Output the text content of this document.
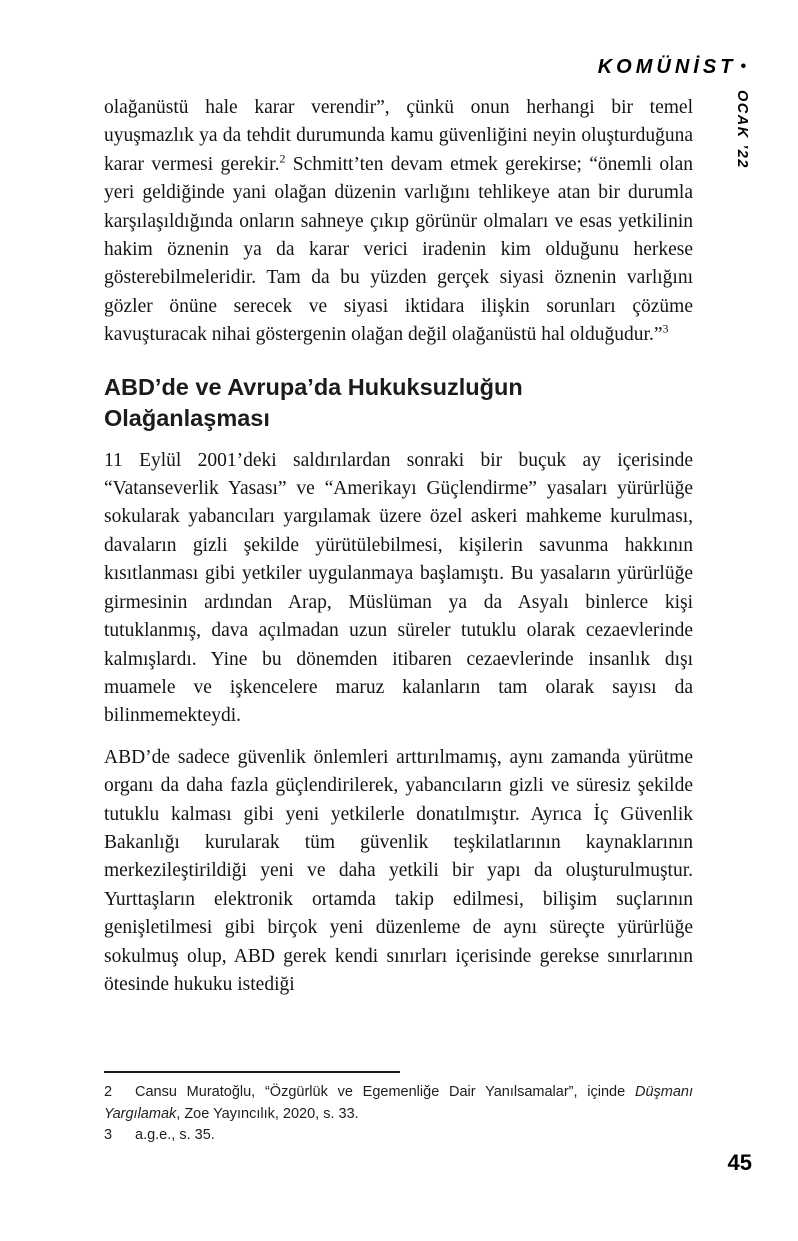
KOMÜNİST •
OCAK ’22

olağanüstü hale karar verendir”, çünkü onun herhangi bir temel uyuşmazlık ya da tehdit durumunda kamu güvenliğini neyin oluşturduğuna karar vermesi gerekir.$^2$ Schmitt’ten devam etmek gerekirse; “önemli olan yeri geldiğinde yani olağan düzenin varlığını tehlikeye atan bir durumla karşılaşıldığında onların sahneye çıkıp görünür olmaları ve esas yetkilinin hakim öznenin ya da karar verici iradenin kim olduğunu herkese gösterebilmeleridir. Tam da bu yüzden gerçek siyasi öznenin varlığını gözler önüne serecek ve siyasi iktidara ilişkin sorunları çözüme kavuşturacak nihai göstergenin olağan değil olağanüstü hal olduğudur.”$^3$

ABD’de ve Avrupa’da Hukuksuzluğun
Olağanlaşması

11 Eylül 2001’deki saldırılardan sonraki bir buçuk ay içerisinde “Vatanseverlik Yasası” ve “Amerikayı Güçlendirme” yasaları yürürlüğe sokularak yabancıları yargılamak üzere özel askeri mahkeme kurulması, davaların gizli şekilde yürütülebilmesi, kişilerin savunma hakkının kısıtlanması gibi yetkiler uygulanmaya başlamıştı. Bu yasaların yürürlüğe girmesinin ardından Arap, Müslüman ya da Asyalı binlerce kişi tutuklanmış, dava açılmadan uzun süreler tutuklu olarak cezaevlerinde kalmışlardı. Yine bu dönemden itibaren cezaevlerinde insanlık dışı muamele ve işkencelere maruz kalanların tam olarak sayısı da bilinmemekteydi.

ABD’de sadece güvenlik önlemleri arttırılmamış, aynı zamanda yürütme organı da daha fazla güçlendirilerek, yabancıların gizli ve süresiz şekilde tutuklu kalması gibi yeni yetkilerle donatılmıştır. Ayrıca İç Güvenlik Bakanlığı kurularak tüm güvenlik teşkilatlarının kaynaklarının merkezileştirildiği yeni ve daha yetkili bir yapı da oluşturulmuştur. Yurttaşların elektronik ortamda takip edilmesi, bilişim suçlarının genişletilmesi gibi birçok yeni düzenleme de aynı süreçte yürürlüğe sokulmuş olup, ABD gerek kendi sınırları içerisinde gerekse sınırlarının ötesinde hukuku istediği

2 Cansu Muratoğlu, “Özgürlük ve Egemenliğe Dair Yanılsamalar”, içinde Düşmanı Yargılamak, Zoe Yayıncılık, 2020, s. 33.
3 a.g.e., s. 35.
45
